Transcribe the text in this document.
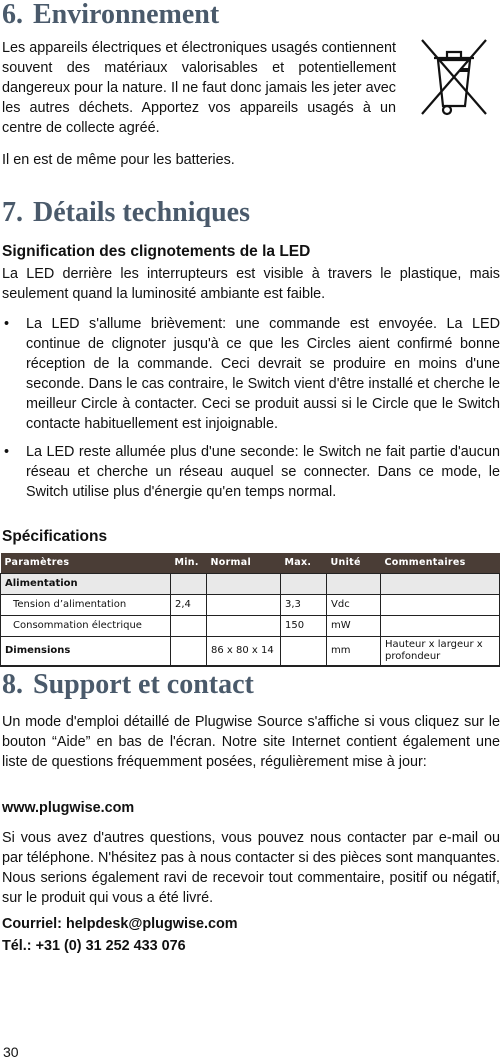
6. Environnement

Les appareils électriques et électroniques usagés contiennent souvent des matériaux valorisables et potentiellement dangereux pour la nature. Il ne faut donc jamais les jeter avec les autres déchets. Apportez vos appareils usagés à un centre de collecte agréé.

Il en est de même pour les batteries.

7. Détails techniques

Signification des clignotements de la LED

La LED derrière les interrupteurs est visible à travers le plastique, mais seulement quand la luminosité ambiante est faible.

•	La LED s'allume brièvement: une commande est envoyée. La LED continue de clignoter jusqu'à ce que les Circles aient confirmé bonne réception de la commande. Ceci devrait se produire en moins d'une seconde. Dans le cas contraire, le Switch vient d'être installé et cherche le meilleur Circle à contacter. Ceci se produit aussi si le Circle que le Switch contacte habituellement est injoignable.
•	La LED reste allumée plus d'une seconde: le Switch ne fait partie d'aucun réseau et cherche un réseau auquel se connecter. Dans ce mode, le Switch utilise plus d'énergie qu'en temps normal.

Spécifications

Paramètres	Min.	Normal	Max.	Unité	Commentaires
Alimentation					
Tension d’alimentation	2,4		3,3	Vdc	
Consommation électrique			150	mW	
Dimensions		86 x 80 x 14		mm	Hauteur x largeur x profondeur
8. Support et contact

Un mode d'emploi détaillé de Plugwise Source s'affiche si vous cliquez sur le bouton “Aide” en bas de l'écran. Notre site Internet contient également une liste de questions fréquemment posées, régulièrement mise à jour:

www.plugwise.com

Si vous avez d'autres questions, vous pouvez nous contacter par e-mail ou par téléphone. N'hésitez pas à nous contacter si des pièces sont manquantes. Nous serions également ravi de recevoir tout commentaire, positif ou négatif, sur le produit qui vous a été livré.

Courriel: helpdesk@plugwise.com

Tél.: +31 (0) 31 252 433 076

30
